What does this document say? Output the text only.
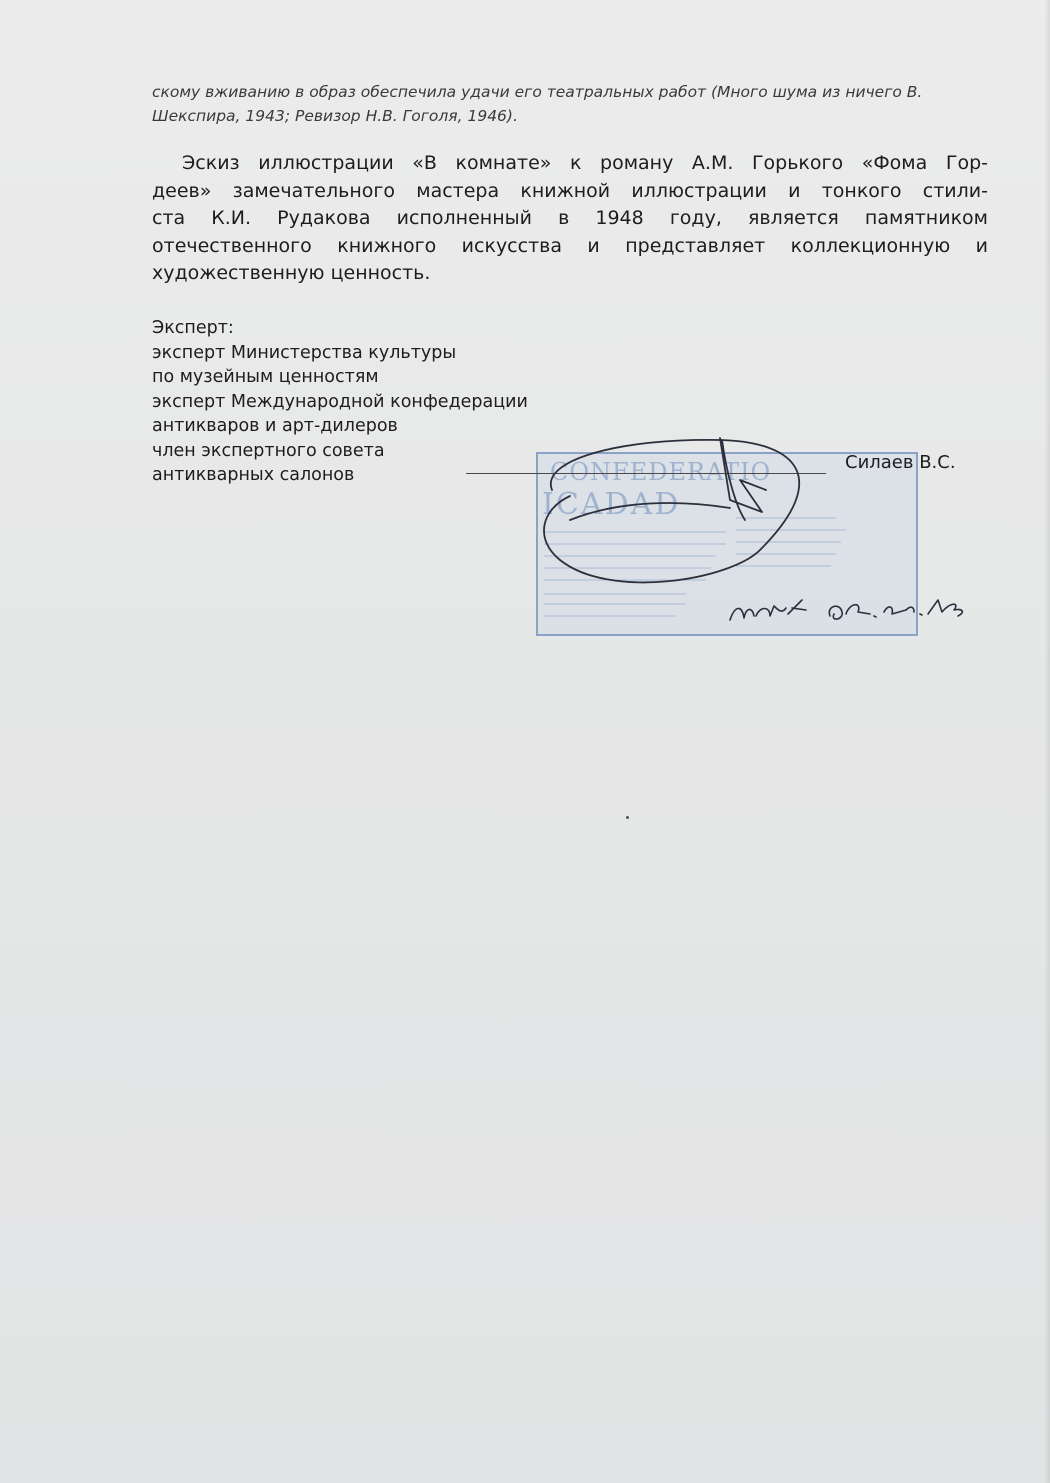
скому вживанию в образ обеспечила удачи его театральных работ (Много шума из ничего В.
Шекспира, 1943; Ревизор Н.В. Гоголя, 1946).

Эскиз иллюстрации «В комнате» к роману А.М. Горького «Фома Гор-
деев» замечательного мастера книжной иллюстрации и тонкого стили-
ста К.И. Рудакова исполненный в 1948 году, является памятником
отечественного книжного искусства и представляет коллекционную и
художественную ценность.

Эксперт:
эксперт Министерства культуры
по музейным ценностям
эксперт Международной конфедерации
антикваров и арт-дилеров
член экспертного совета
антикварных салонов	CONFEDERATIO
ICADAD
Силаев В.С.
